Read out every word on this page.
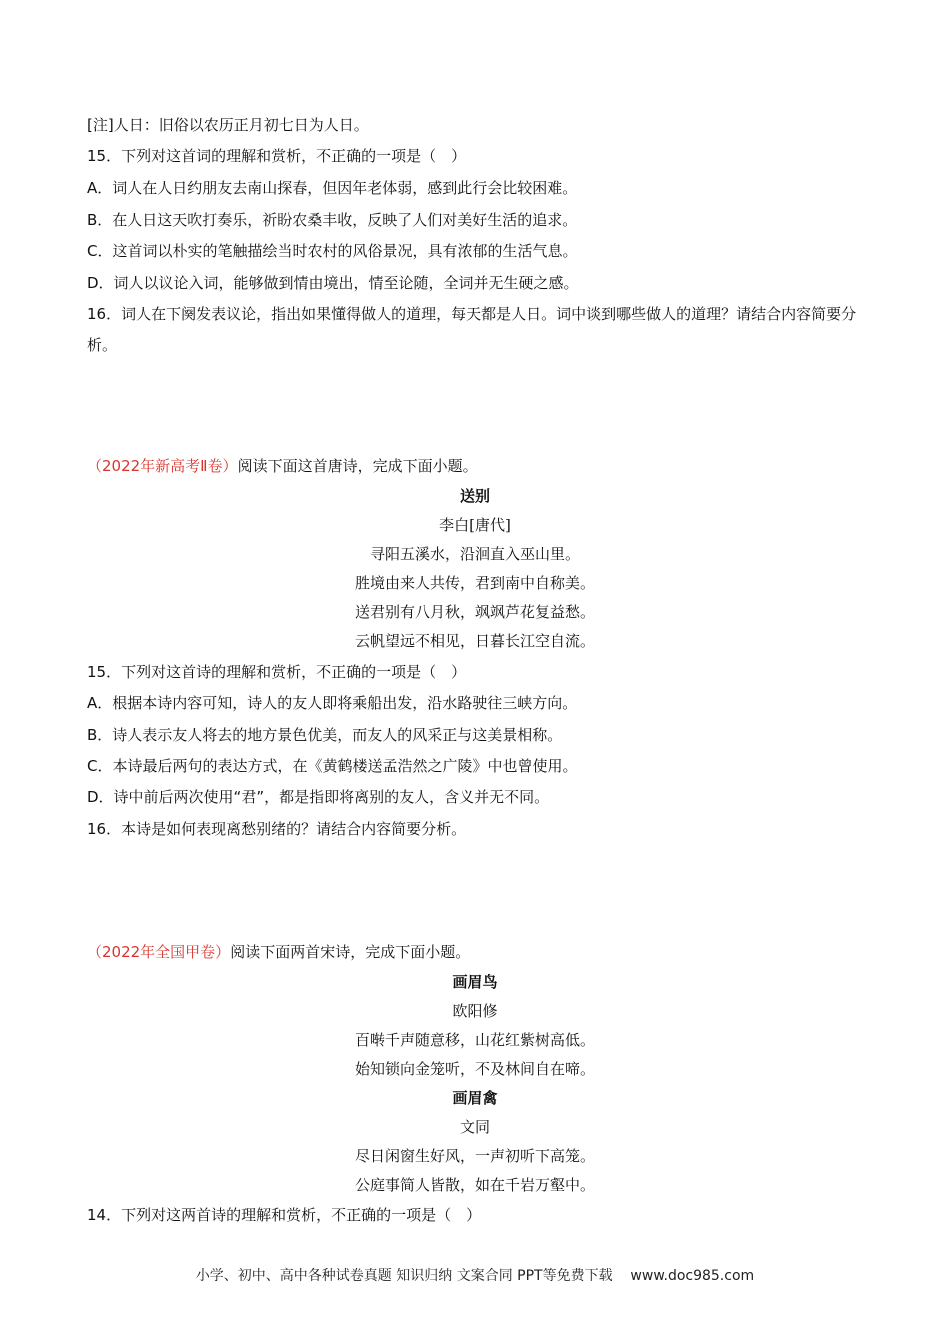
[注]人日：旧俗以农历正月初七日为人日。
15．下列对这首词的理解和赏析，不正确的一项是（　）
A．词人在人日约朋友去南山探春，但因年老体弱，感到此行会比较困难。
B．在人日这天吹打奏乐，祈盼农桑丰收，反映了人们对美好生活的追求。
C．这首词以朴实的笔触描绘当时农村的风俗景况，具有浓郁的生活气息。
D．词人以议论入词，能够做到情由境出，情至论随，全词并无生硬之感。
16．词人在下阕发表议论，指出如果懂得做人的道理，每天都是人日。词中谈到哪些做人的道理？请结合内容简要分析。
（2022年新高考Ⅱ卷）阅读下面这首唐诗，完成下面小题。
送别
李白[唐代]
寻阳五溪水，沿洄直入巫山里。
胜境由来人共传，君到南中自称美。
送君别有八月秋，飒飒芦花复益愁。
云帆望远不相见，日暮长江空自流。
15．下列对这首诗的理解和赏析，不正确的一项是（　）
A．根据本诗内容可知，诗人的友人即将乘船出发，沿水路驶往三峡方向。
B．诗人表示友人将去的地方景色优美，而友人的风采正与这美景相称。
C．本诗最后两句的表达方式，在《黄鹤楼送孟浩然之广陵》中也曾使用。
D．诗中前后两次使用“君”，都是指即将离别的友人，含义并无不同。
16．本诗是如何表现离愁别绪的？请结合内容简要分析。
（2022年全国甲卷）阅读下面两首宋诗，完成下面小题。
画眉鸟
欧阳修
百啭千声随意移，山花红紫树高低。
始知锁向金笼听，不及林间自在啼。
画眉禽
文同
尽日闲窗生好风，一声初听下高笼。
公庭事简人皆散，如在千岩万壑中。
14．下列对这两首诗的理解和赏析，不正确的一项是（　）
小学、初中、高中各种试卷真题 知识归纳 文案合同 PPT等免费下载 www.doc985.com
